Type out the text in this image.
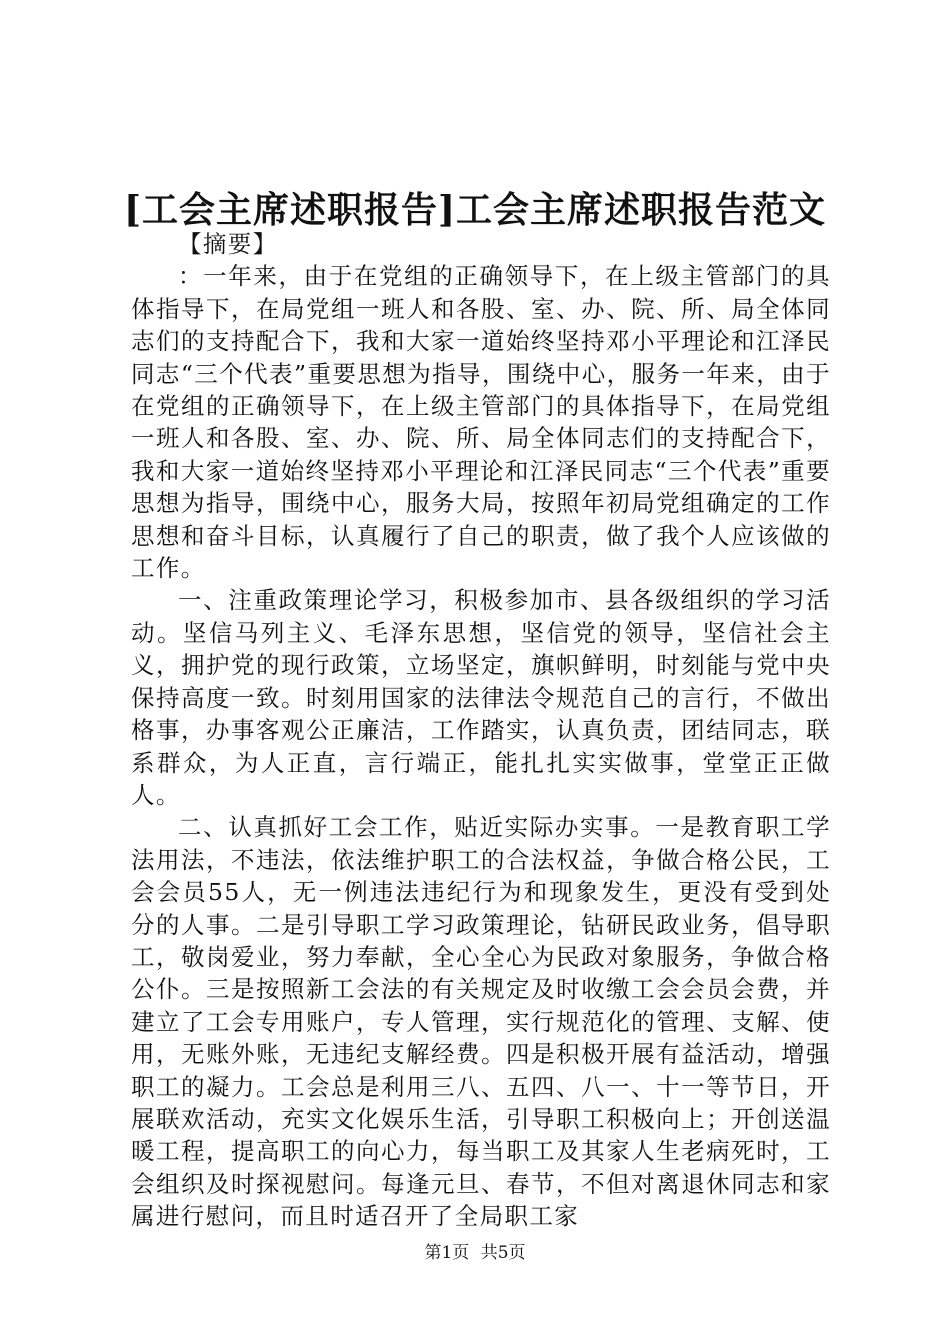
[工会主席述职报告]工会主席述职报告范文

【摘要】

：一年来，由于在党组的正确领导下，在上级主管部门的具体指导下，在局党组一班人和各股、室、办、院、所、局全体同志们的支持配合下，我和大家一道始终坚持邓小平理论和江泽民同志“三个代表”重要思想为指导，围绕中心，服务一年来，由于在党组的正确领导下，在上级主管部门的具体指导下，在局党组一班人和各股、室、办、院、所、局全体同志们的支持配合下，我和大家一道始终坚持邓小平理论和江泽民同志“三个代表”重要思想为指导，围绕中心，服务大局，按照年初局党组确定的工作思想和奋斗目标，认真履行了自己的职责，做了我个人应该做的工作。

一、注重政策理论学习，积极参加市、县各级组织的学习活动。坚信马列主义、毛泽东思想，坚信党的领导，坚信社会主义，拥护党的现行政策，立场坚定，旗帜鲜明，时刻能与党中央保持高度一致。时刻用国家的法律法令规范自己的言行，不做出格事，办事客观公正廉洁，工作踏实，认真负责，团结同志，联系群众，为人正直，言行端正，能扎扎实实做事，堂堂正正做人。

二、认真抓好工会工作，贴近实际办实事。一是教育职工学法用法，不违法，依法维护职工的合法权益，争做合格公民，工会会员55人，无一例违法违纪行为和现象发生，更没有受到处分的人事。二是引导职工学习政策理论，钻研民政业务，倡导职工，敬岗爱业，努力奉献，全心全心为民政对象服务，争做合格公仆。三是按照新工会法的有关规定及时收缴工会会员会费，并建立了工会专用账户，专人管理，实行规范化的管理、支解、使用，无账外账，无违纪支解经费。四是积极开展有益活动，增强职工的凝力。工会总是利用三八、五四、八一、十一等节日，开展联欢活动，充实文化娱乐生活，引导职工积极向上；开创送温暖工程，提高职工的向心力，每当职工及其家人生老病死时，工会组织及时探视慰问。每逢元旦、春节，不但对离退休同志和家属进行慰问，而且时适召开了全局职工家

第1页 共5页
